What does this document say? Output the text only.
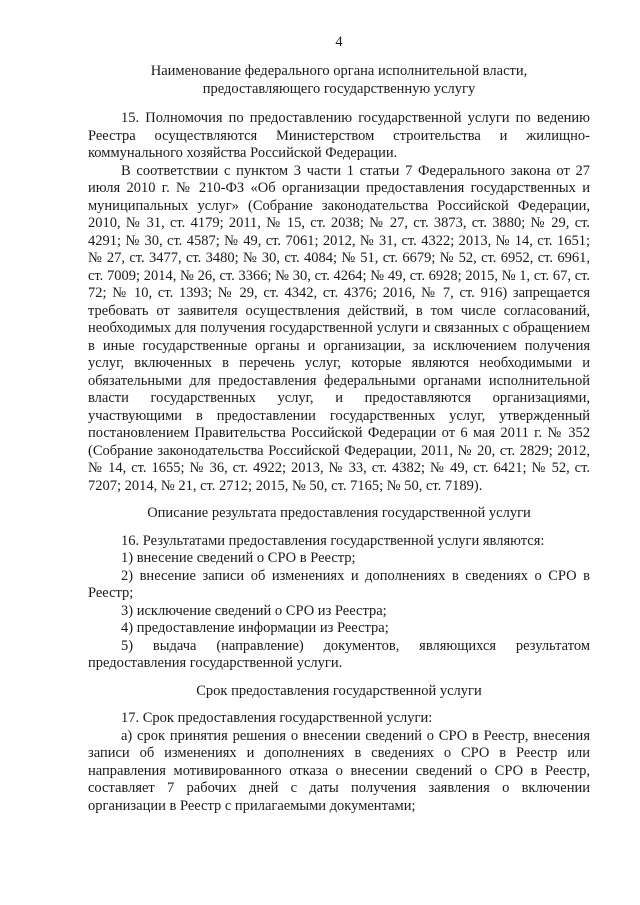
4
Наименование федерального органа исполнительной власти,
предоставляющего государственную услугу

15. Полномочия по предоставлению государственной услуги по ведению Реестра осуществляются Министерством строительства и жилищно-коммунального хозяйства Российской Федерации.

В соответствии с пунктом 3 части 1 статьи 7 Федерального закона от 27 июля 2010 г. № 210-ФЗ «Об организации предоставления государственных и муниципальных услуг» (Собрание законодательства Российской Федерации, 2010, № 31, ст. 4179; 2011, № 15, ст. 2038; № 27, ст. 3873, ст. 3880; № 29, ст. 4291; № 30, ст. 4587; № 49, ст. 7061; 2012, № 31, ст. 4322; 2013, № 14, ст. 1651; № 27, ст. 3477, ст. 3480; № 30, ст. 4084; № 51, ст. 6679; № 52, ст. 6952, ст. 6961, ст. 7009; 2014, № 26, ст. 3366; № 30, ст. 4264; № 49, ст. 6928; 2015, № 1, ст. 67, ст. 72; № 10, ст. 1393; № 29, ст. 4342, ст. 4376; 2016, № 7, ст. 916) запрещается требовать от заявителя осуществления действий, в том числе согласований, необходимых для получения государственной услуги и связанных с обращением в иные государственные органы и организации, за исключением получения услуг, включенных в перечень услуг, которые являются необходимыми и обязательными для предоставления федеральными органами исполнительной власти государственных услуг, и предоставляются организациями, участвующими в предоставлении государственных услуг, утвержденный постановлением Правительства Российской Федерации от 6 мая 2011 г. № 352 (Собрание законодательства Российской Федерации, 2011, № 20, ст. 2829; 2012, № 14, ст. 1655; № 36, ст. 4922; 2013, № 33, ст. 4382; № 49, ст. 6421; № 52, ст. 7207; 2014, № 21, ст. 2712; 2015, № 50, ст. 7165; № 50, ст. 7189).

Описание результата предоставления государственной услуги

16. Результатами предоставления государственной услуги являются:

1) внесение сведений о СРО в Реестр;

2) внесение записи об изменениях и дополнениях в сведениях о СРО в Реестр;

3) исключение сведений о СРО из Реестра;

4) предоставление информации из Реестра;

5) выдача (направление) документов, являющихся результатом предоставления государственной услуги.

Срок предоставления государственной услуги

17. Срок предоставления государственной услуги:

а) срок принятия решения о внесении сведений о СРО в Реестр, внесения записи об изменениях и дополнениях в сведениях о СРО в Реестр или направления мотивированного отказа о внесении сведений о СРО в Реестр, составляет 7 рабочих дней с даты получения заявления о включении организации в Реестр с прилагаемыми документами;
